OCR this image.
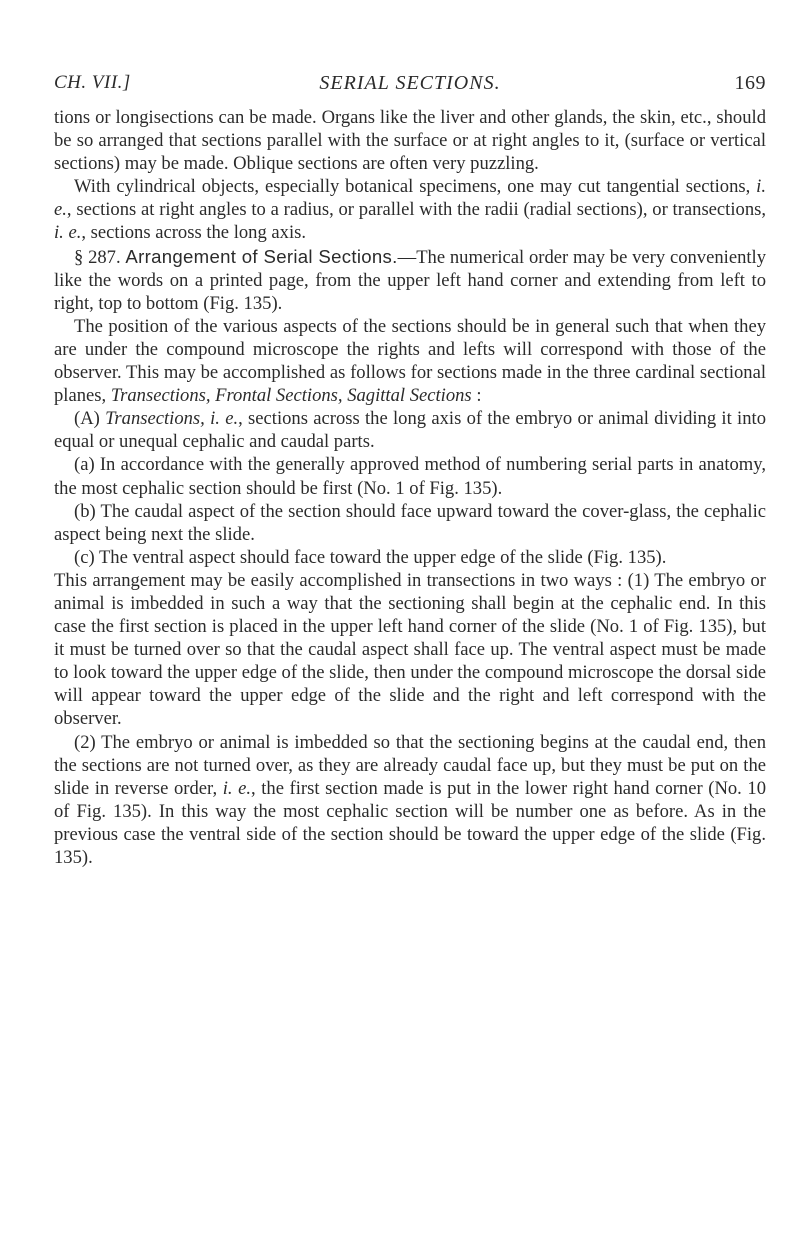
CH. VII.]	SERIAL SECTIONS.	169

tions or longisections can be made. Organs like the liver and other glands, the skin, etc., should be so arranged that sections parallel with the surface or at right angles to it, (surface or vertical sections) may be made. Oblique sections are often very puzzling.

With cylindrical objects, especially botanical specimens, one may cut tangential sections, i. e., sections at right angles to a radius, or parallel with the radii (radial sections), or transections, i. e., sections across the long axis.

§ 287. Arrangement of Serial Sections.—The numerical order may be very conveniently like the words on a printed page, from the upper left hand corner and extending from left to right, top to bottom (Fig. 135).

The position of the various aspects of the sections should be in general such that when they are under the compound microscope the rights and lefts will correspond with those of the observer. This may be accomplished as follows for sections made in the three cardinal sectional planes, Transections, Frontal Sections, Sagittal Sections :

(A) Transections, i. e., sections across the long axis of the embryo or animal dividing it into equal or unequal cephalic and caudal parts.

(a) In accordance with the generally approved method of numbering serial parts in anatomy, the most cephalic section should be first (No. 1 of Fig. 135).

(b) The caudal aspect of the section should face upward toward the cover-glass, the cephalic aspect being next the slide.

(c) The ventral aspect should face toward the upper edge of the slide (Fig. 135).

This arrangement may be easily accomplished in transections in two ways : (1) The embryo or animal is imbedded in such a way that the sectioning shall begin at the cephalic end. In this case the first section is placed in the upper left hand corner of the slide (No. 1 of Fig. 135), but it must be turned over so that the caudal aspect shall face up. The ventral aspect must be made to look toward the upper edge of the slide, then under the compound microscope the dorsal side will appear toward the upper edge of the slide and the right and left correspond with the observer.

(2) The embryo or animal is imbedded so that the sectioning begins at the caudal end, then the sections are not turned over, as they are already caudal face up, but they must be put on the slide in reverse order, i. e., the first section made is put in the lower right hand corner (No. 10 of Fig. 135). In this way the most cephalic section will be number one as before. As in the previous case the ventral side of the section should be toward the upper edge of the slide (Fig. 135).
